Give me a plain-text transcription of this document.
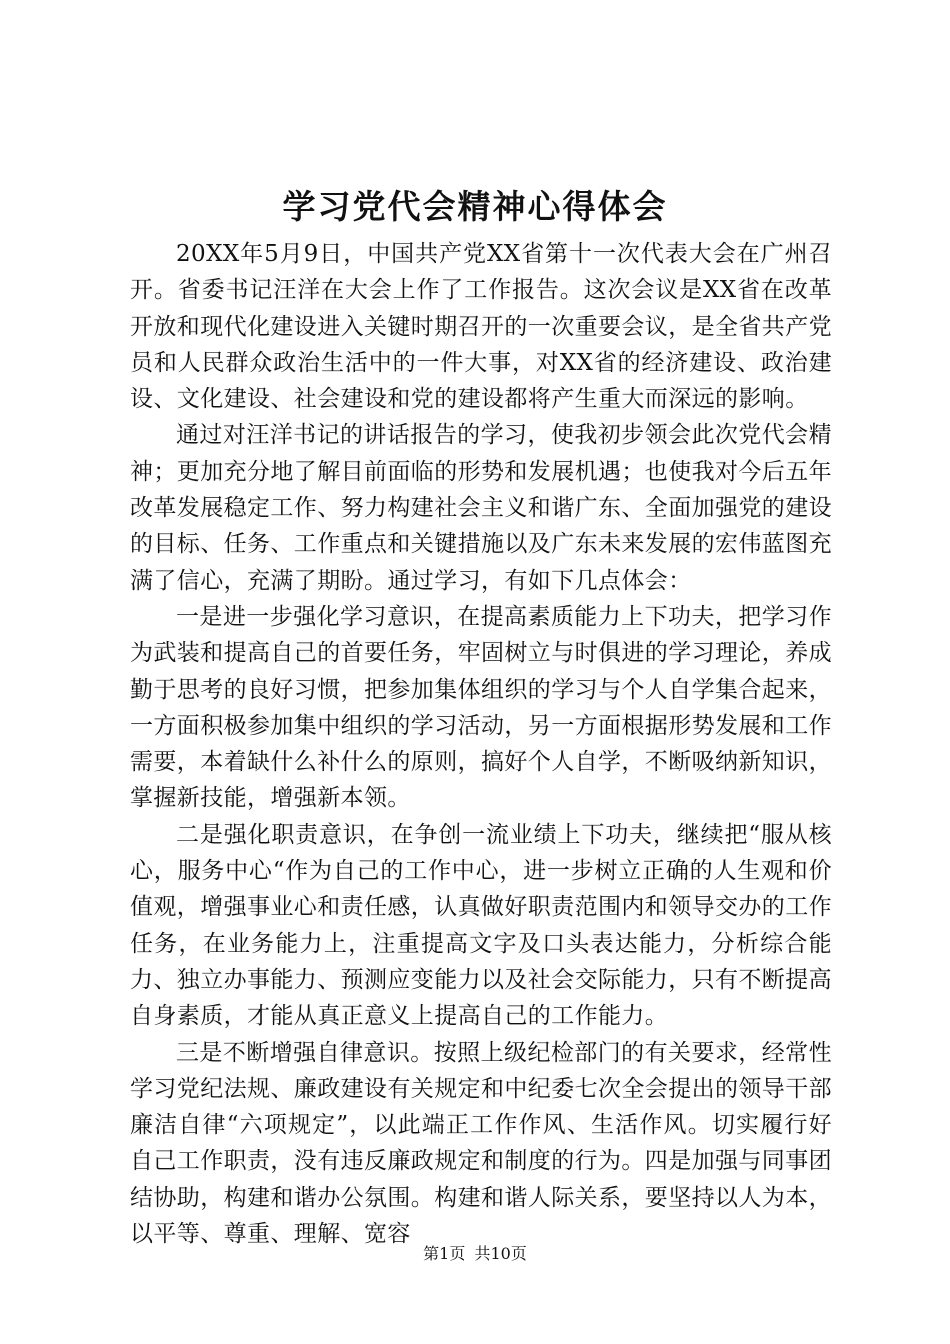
学习党代会精神心得体会

20XX年5月9日，中国共产党XX省第十一次代表大会在广州召开。省委书记汪洋在大会上作了工作报告。这次会议是XX省在改革开放和现代化建设进入关键时期召开的一次重要会议，是全省共产党员和人民群众政治生活中的一件大事，对XX省的经济建设、政治建设、文化建设、社会建设和党的建设都将产生重大而深远的影响。

通过对汪洋书记的讲话报告的学习，使我初步领会此次党代会精神；更加充分地了解目前面临的形势和发展机遇；也使我对今后五年改革发展稳定工作、努力构建社会主义和谐广东、全面加强党的建设的目标、任务、工作重点和关键措施以及广东未来发展的宏伟蓝图充满了信心，充满了期盼。通过学习，有如下几点体会：

一是进一步强化学习意识，在提高素质能力上下功夫，把学习作为武装和提高自己的首要任务，牢固树立与时俱进的学习理论，养成勤于思考的良好习惯，把参加集体组织的学习与个人自学集合起来，一方面积极参加集中组织的学习活动，另一方面根据形势发展和工作需要，本着缺什么补什么的原则，搞好个人自学，不断吸纳新知识，掌握新技能，增强新本领。

二是强化职责意识，在争创一流业绩上下功夫，继续把“服从核心，服务中心“作为自己的工作中心，进一步树立正确的人生观和价值观，增强事业心和责任感，认真做好职责范围内和领导交办的工作任务，在业务能力上，注重提高文字及口头表达能力，分析综合能力、独立办事能力、预测应变能力以及社会交际能力，只有不断提高自身素质，才能从真正意义上提高自己的工作能力。

三是不断增强自律意识。按照上级纪检部门的有关要求，经常性学习党纪法规、廉政建设有关规定和中纪委七次全会提出的领导干部廉洁自律“六项规定”，以此端正工作作风、生活作风。切实履行好自己工作职责，没有违反廉政规定和制度的行为。四是加强与同事团结协助，构建和谐办公氛围。构建和谐人际关系，要坚持以人为本，以平等、尊重、理解、宽容

第1页 共10页
